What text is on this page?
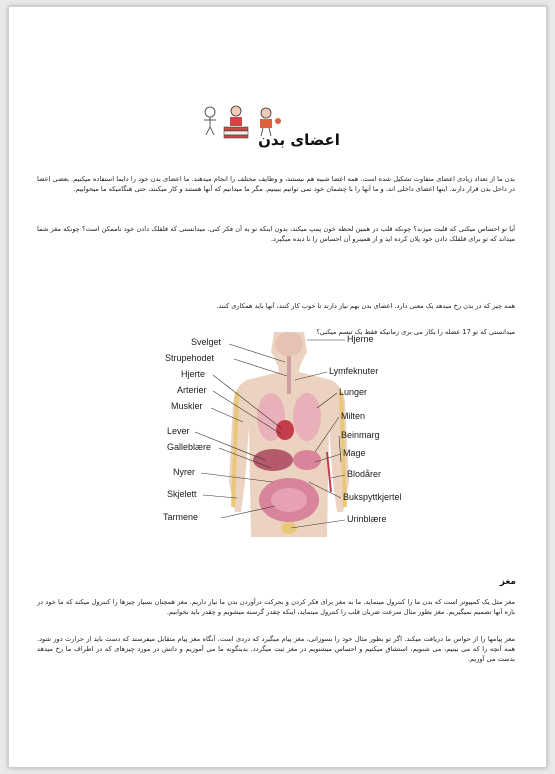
اعضای بدن

بدن ما از تعداد زیادی اعضای متفاوت تشکیل شده است. همه اعضا شبیه هم نیستند، و وظایف مختلف را انجام میدهند. ما اعضای بدن خود را دایما استفاده میکنیم. بعضی اعضا در داخل بدن قرار دارند. اینها اعضای داخلی اند، و ما آنها را با چشمان خود نمی توانیم ببینیم. مگر ما میدانیم که آنها هستند و کار میکنند، حتی هنگامیکه ما میخوابیم.

آیا تو احساس میکنی که قلبت میزند؟ چونکه قلب در همین لحظه خون پمپ میکند، بدون اینکه تو به آن فکر کنی. میدانستی که قلقلک دادن خود ناممکن است؟ چونکه مغز شما میداند که تو برای قلقلک دادن خود پلان کرده اید و از همینرو آن احساس را نا دیده میگیرد.

همه چیز که در بدن رخ میدهد یک معنی دارد. اعضای بدن بهم نیاز دارند تا خوب کار کنند، آنها باید همکاری کنند.

میدانستی که تو 17 عضله را بکار می بری زمانیکه فقط یک تبسم میکنی؟

Svelget
Strupehodet
Hjerte
Arterier
Muskler
Lever
Galleblære
Nyrer
Skjelett
Tarmene
Hjerne
Lymfeknuter
Lunger
Milten
Beinmarg
Mage
Blodårer
Bukspyttkjertel
Urinblære
مغز

مغز مثل یک کمپیوتر است که بدن ما را کنترول مینماید. ما به مغز برای فکر کردن و بحرکت درآوردن بدن ما نیاز داریم. مغز همچنان بسیار چیزها را کنترول میکند که ما خود در باره آنها تصمیم نمیگیریم. مغز بطور مثال سرعت ضربان قلب را کنترول مینماید، اینکه چقدر گرسنه میشویم و چقدر باید بخوابیم.

مغز پیامها را از حواس ما دریافت میکند. اگر تو بطور مثال خود را بسوزانی، مغز پیام میگیرد که دردی است. آنگاه مغز پیام متقابل میفرستد که دست باید از حرارت دور شود. همه آنچه را که می بینیم، می شنویم، استشاق میکنیم و احساس میشنویم در مغز ثبت میگردد. بدینگونه ما می آموزیم و دانش در مورد چیزهای که در اطراف ما رخ میدهد بدست می آوریم.
